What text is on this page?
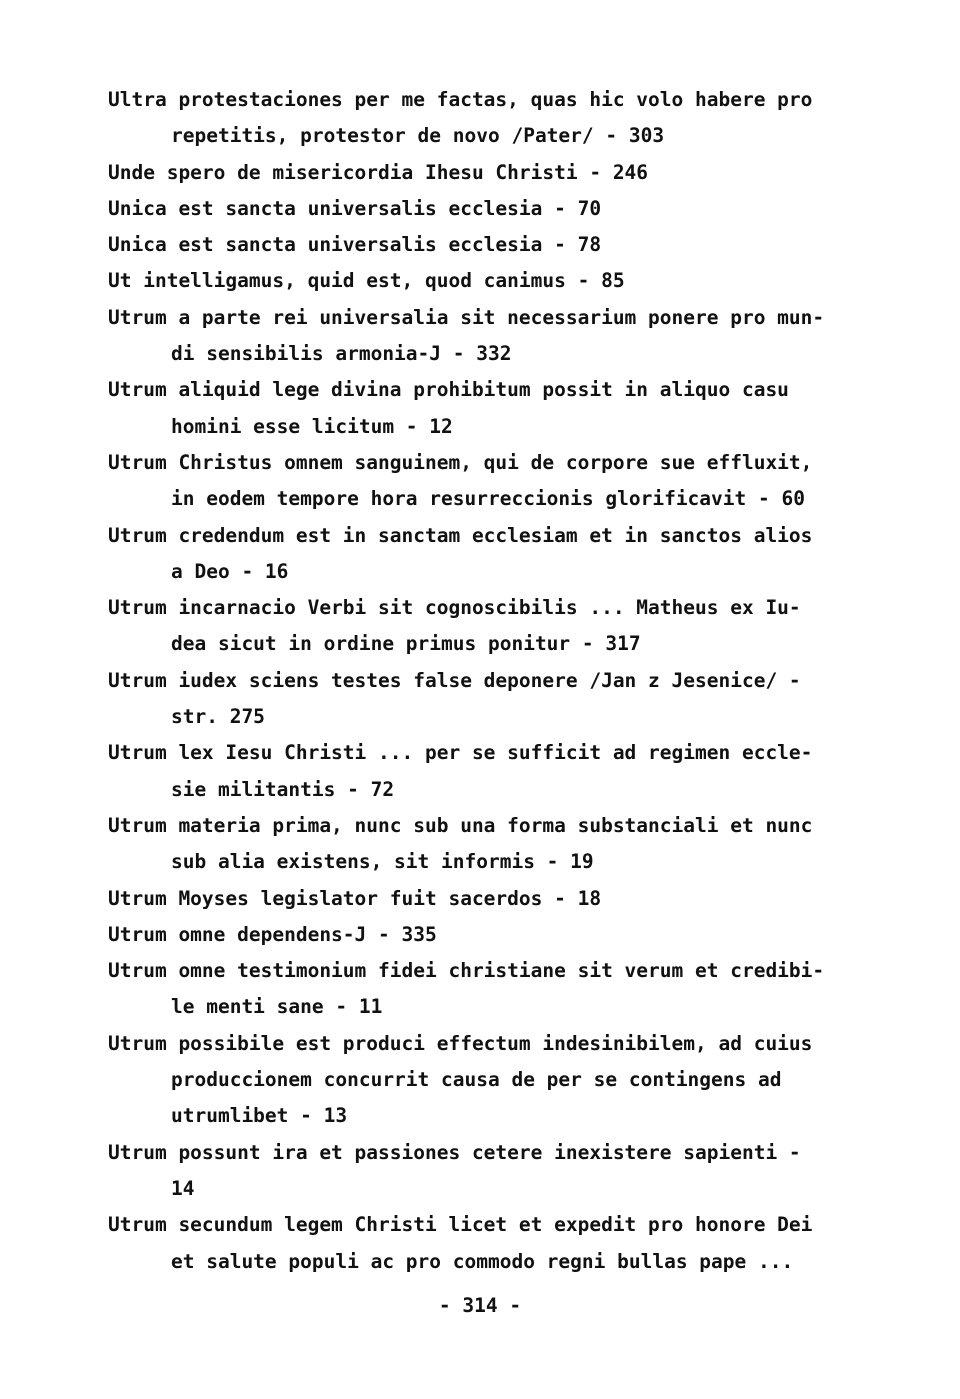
Ultra protestaciones per me factas, quas hic volo habere pro
repetitis, protestor de novo /Pater/ - 303
Unde spero de misericordia Ihesu Christi - 246
Unica est sancta universalis ecclesia - 70
Unica est sancta universalis ecclesia - 78
Ut intelligamus, quid est, quod canimus - 85
Utrum a parte rei universalia sit necessarium ponere pro mun-
di sensibilis armonia-J - 332
Utrum aliquid lege divina prohibitum possit in aliquo casu
homini esse licitum - 12
Utrum Christus omnem sanguinem, qui de corpore sue effluxit,
in eodem tempore hora resurreccionis glorificavit - 60
Utrum credendum est in sanctam ecclesiam et in sanctos alios
a Deo - 16
Utrum incarnacio Verbi sit cognoscibilis ... Matheus ex Iu-
dea sicut in ordine primus ponitur - 317
Utrum iudex sciens testes false deponere /Jan z Jesenice/ -
str. 275
Utrum lex Iesu Christi ... per se sufficit ad regimen eccle-
sie militantis - 72
Utrum materia prima, nunc sub una forma substanciali et nunc
sub alia existens, sit informis - 19
Utrum Moyses legislator fuit sacerdos - 18
Utrum omne dependens-J - 335
Utrum omne testimonium fidei christiane sit verum et credibi-
le menti sane - 11
Utrum possibile est produci effectum indesinibilem, ad cuius
produccionem concurrit causa de per se contingens ad
utrumlibet - 13
Utrum possunt ira et passiones cetere inexistere sapienti -
14
Utrum secundum legem Christi licet et expedit pro honore Dei
et salute populi ac pro commodo regni bullas pape ...
- 314 -
